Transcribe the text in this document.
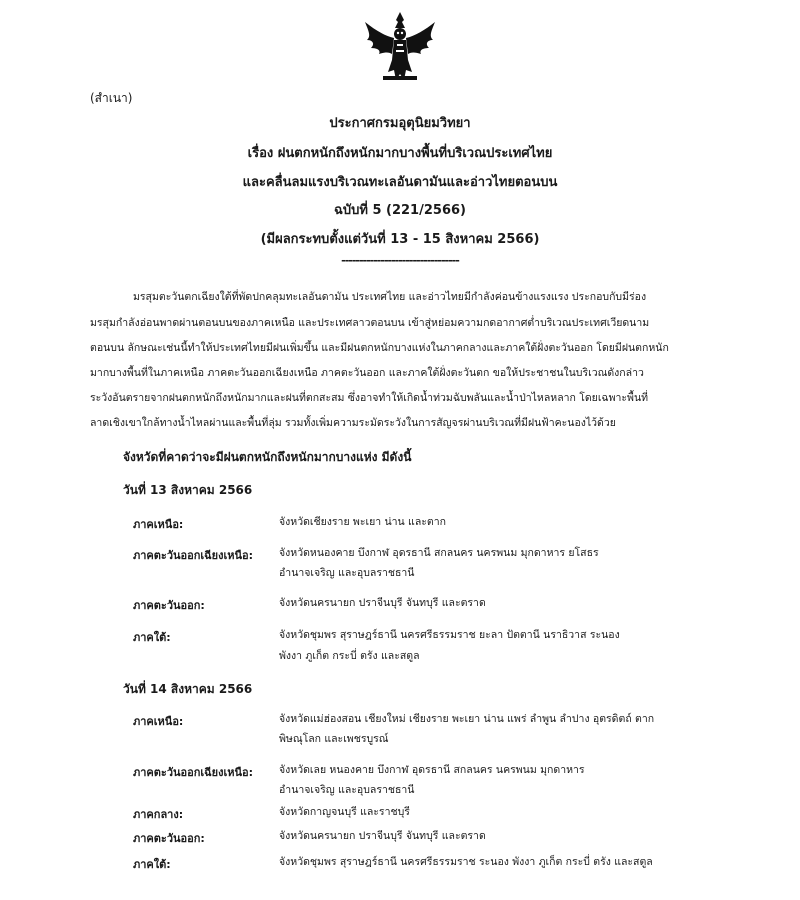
(สำเนา)
ประกาศกรมอุตุนิยมวิทยา
เรื่อง ฝนตกหนักถึงหนักมากบางพื้นที่บริเวณประเทศไทย
และคลื่นลมแรงบริเวณทะเลอันดามันและอ่าวไทยตอนบน
ฉบับที่ 5 (221/2566)
(มีผลกระทบตั้งแต่วันที่ 13 - 15 สิงหาคม 2566)
---------------------------------
มรสุมตะวันตกเฉียงใต้ที่พัดปกคลุมทะเลอันดามัน ประเทศไทย และอ่าวไทยมีกำลังค่อนข้างแรงแรง ประกอบกับมีร่อง
มรสุมกำลังอ่อนพาดผ่านตอนบนของภาคเหนือ และประเทศลาวตอนบน เข้าสู่หย่อมความกดอากาศต่ำบริเวณประเทศเวียดนาม
ตอนบน ลักษณะเช่นนี้ทำให้ประเทศไทยมีฝนเพิ่มขึ้น และมีฝนตกหนักบางแห่งในภาคกลางและภาคใต้ฝั่งตะวันออก โดยมีฝนตกหนัก
มากบางพื้นที่ในภาคเหนือ ภาคตะวันออกเฉียงเหนือ ภาคตะวันออก และภาคใต้ฝั่งตะวันตก ขอให้ประชาชนในบริเวณดังกล่าว
ระวังอันตรายจากฝนตกหนักถึงหนักมากและฝนที่ตกสะสม ซึ่งอาจทำให้เกิดน้ำท่วมฉับพลันและน้ำป่าไหลหลาก โดยเฉพาะพื้นที่
ลาดเชิงเขาใกล้ทางน้ำไหลผ่านและพื้นที่ลุ่ม รวมทั้งเพิ่มความระมัดระวังในการสัญจรผ่านบริเวณที่มีฝนฟ้าคะนองไว้ด้วย
จังหวัดที่คาดว่าจะมีฝนตกหนักถึงหนักมากบางแห่ง มีดังนี้
วันที่ 13 สิงหาคม 2566
ภาคเหนือ:	จังหวัดเชียงราย พะเยา น่าน และตาก
ภาคตะวันออกเฉียงเหนือ: จังหวัดหนองคาย บึงกาฬ อุดรธานี สกลนคร นครพนม มุกดาหาร ยโสธร
อำนาจเจริญ และอุบลราชธานี
ภาคตะวันออก:	จังหวัดนครนายก ปราจีนบุรี จันทบุรี และตราด
ภาคใต้:	จังหวัดชุมพร สุราษฎร์ธานี นครศรีธรรมราช ยะลา ปัตตานี นราธิวาส ระนอง
พังงา ภูเก็ต กระบี่ ตรัง และสตูล
วันที่ 14 สิงหาคม 2566
ภาคเหนือ:	จังหวัดแม่ฮ่องสอน เชียงใหม่ เชียงราย พะเยา น่าน แพร่ ลำพูน ลำปาง อุตรดิตถ์ ตาก
พิษณุโลก และเพชรบูรณ์
ภาคตะวันออกเฉียงเหนือ: จังหวัดเลย หนองคาย บึงกาฬ อุดรธานี สกลนคร นครพนม มุกดาหาร
อำนาจเจริญ และอุบลราชธานี
ภาคกลาง:	จังหวัดกาญจนบุรี และราชบุรี
ภาคตะวันออก:	จังหวัดนครนายก ปราจีนบุรี จันทบุรี และตราด
ภาคใต้:	จังหวัดชุมพร สุราษฎร์ธานี นครศรีธรรมราช ระนอง พังงา ภูเก็ต กระบี่ ตรัง และสตูล
